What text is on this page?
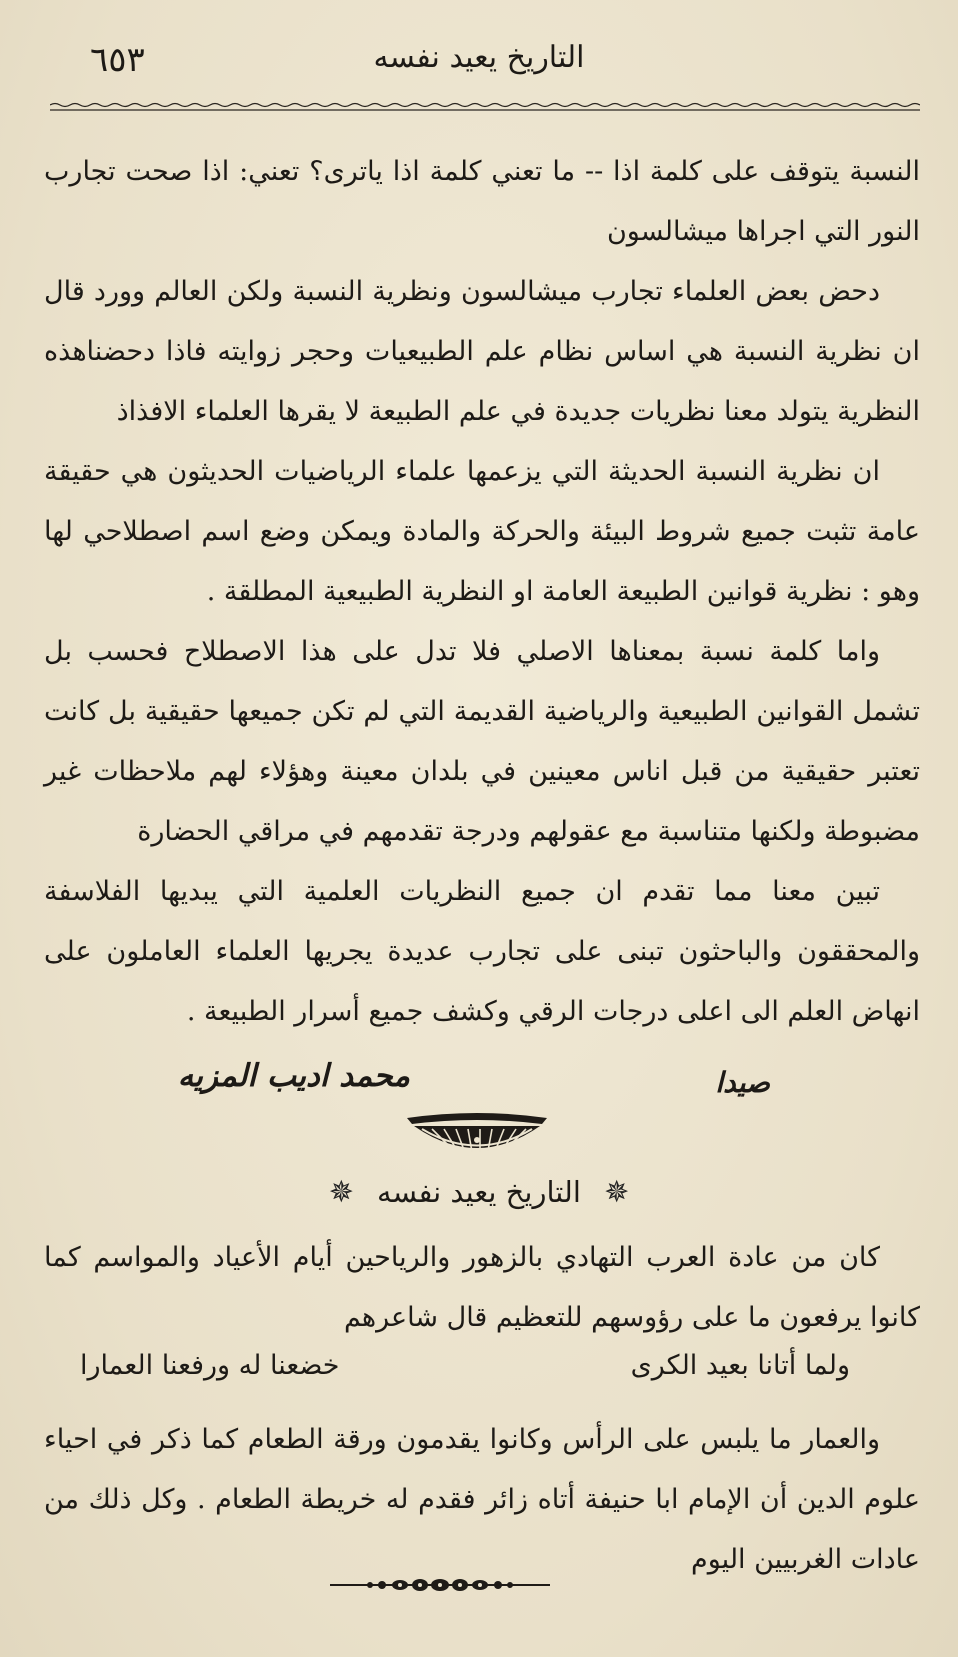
٦٥٣	التاريخ يعيد نفسه

النسبة يتوقف على كلمة اذا -- ما تعني كلمة اذا ياترى؟ تعني: اذا صحت تجارب النور التي اجراها ميشالسون

دحض بعض العلماء تجارب ميشالسون ونظرية النسبة ولكن العالم وورد قال ان نظرية النسبة هي اساس نظام علم الطبيعيات وحجر زوايته فاذا دحضناهذه النظرية يتولد معنا نظريات جديدة في علم الطبيعة لا يقرها العلماء الافذاذ

ان نظرية النسبة الحديثة التي يزعمها علماء الرياضيات الحديثون هي حقيقة عامة تثبت جميع شروط البيئة والحركة والمادة ويمكن وضع اسم اصطلاحي لها وهو : نظرية قوانين الطبيعة العامة او النظرية الطبيعية المطلقة .

واما كلمة نسبة بمعناها الاصلي فلا تدل على هذا الاصطلاح فحسب بل تشمل القوانين الطبيعية والرياضية القديمة التي لم تكن جميعها حقيقية بل كانت تعتبر حقيقية من قبل اناس معينين في بلدان معينة وهؤلاء لهم ملاحظات غير مضبوطة ولكنها متناسبة مع عقولهم ودرجة تقدمهم في مراقي الحضارة

تبين معنا مما تقدم ان جميع النظريات العلمية التي يبديها الفلاسفة والمحققون والباحثون تبنى على تجارب عديدة يجريها العلماء العاملون على انهاض العلم الى اعلى درجات الرقي وكشف جميع أسرار الطبيعة .

صيدا
محمد اديب المزيه
✵ التاريخ يعيد نفسه ✵

كان من عادة العرب التهادي بالزهور والرياحين أيام الأعياد والمواسم كما كانوا يرفعون ما على رؤوسهم للتعظيم قال شاعرهم

ولما أتانا بعيد الكرى
خضعنا له ورفعنا العمارا

والعمار ما يلبس على الرأس وكانوا يقدمون ورقة الطعام كما ذكر في احياء علوم الدين أن الإمام ابا حنيفة أتاه زائر فقدم له خريطة الطعام . وكل ذلك من عادات الغربيين اليوم
